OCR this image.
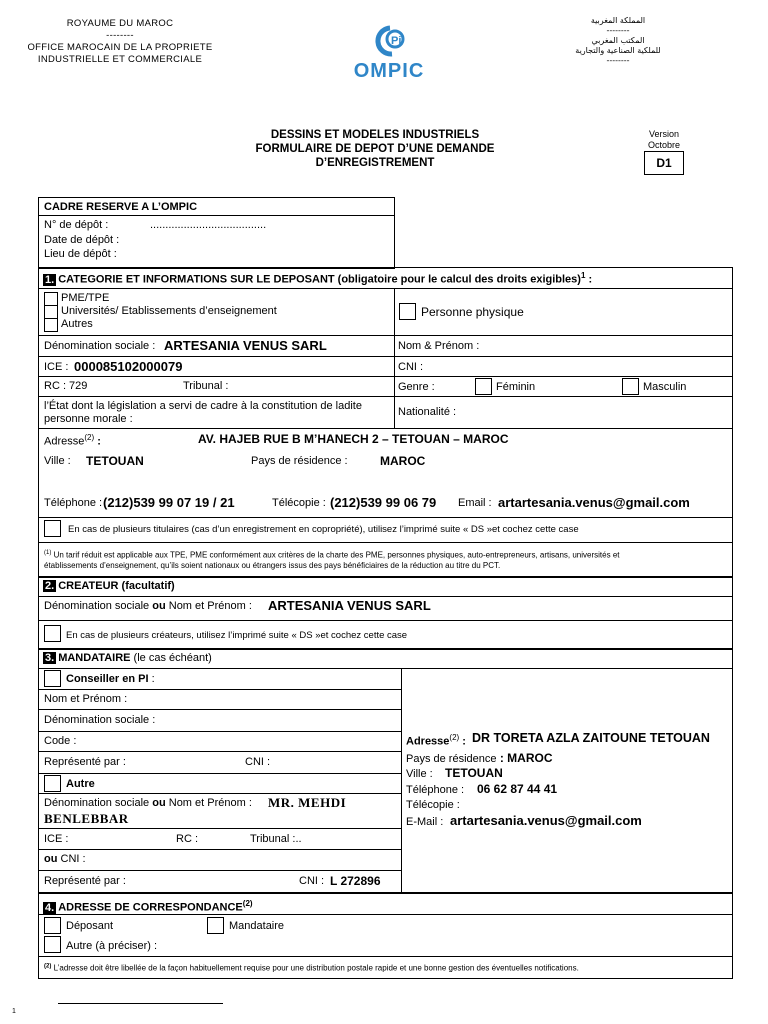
ROYAUME DU MAROC
--------
OFFICE MAROCAIN DE LA PROPRIETE
INDUSTRIELLE ET COMMERCIALE
Pi
OMPIC
المملكة المغربية
--------
المكتب المغربي
للملكية الصناعية والتجارية
--------
DESSINS ET MODELES INDUSTRIELS
FORMULAIRE DE DEPOT D’UNE DEMANDE
D’ENREGISTREMENT
Version
Octobre
D1
CADRE RESERVE A L’OMPIC
N° de dépôt :	......................................
Date de dépôt :
Lieu de dépôt :
1. CATEGORIE ET INFORMATIONS SUR LE DEPOSANT (obligatoire pour le calcul des droits exigibles)$^1$ :
PME/TPE
Universités/ Etablissements d’enseignement
Autres
Personne physique
Dénomination sociale : ARTESANIA VENUS SARL	Nom & Prénom :
ICE : 000085102000079	CNI :
RC : 729	Tribunal :	Genre :	Féminin	Masculin
l’État dont la législation a servi de cadre à la constitution de ladite
personne morale :
Nationalité :
Adresse$^{(2)}$ :	AV. HAJEB RUE B M’HANECH 2 – TETOUAN – MAROC
Ville : TETOUAN	Pays de résidence :	MAROC
Téléphone : (212)539 99 07 19 / 21	Télécopie : (212)539 99 06 79 Email : artartesania.venus@gmail.com
En cas de plusieurs titulaires (cas d’un enregistrement en copropriété), utilisez l’imprimé suite « DS »et cochez cette case
$^{(1)}$ Un tarif réduit est applicable aux TPE, PME conformément aux critères de la charte des PME, personnes physiques, auto-entrepreneurs, artisans, universités et
établissements d’enseignement, qu’ils soient nationaux ou étrangers issus des pays bénéficiaires de la réduction au titre du PCT.
2. CREATEUR (facultatif)
Dénomination sociale ou Nom et Prénom : ARTESANIA VENUS SARL
En cas de plusieurs créateurs, utilisez l’imprimé suite « DS »et cochez cette case
3. MANDATAIRE (le cas échéant)
Conseiller en PI :
Nom et Prénom :
Dénomination sociale :
Code :
Représenté par :	CNI :
Autre
Dénomination sociale ou Nom et Prénom : MR. MEHDI
BENLEBBAR
ICE :	RC :	Tribunal :..
ou CNI :
Représenté par :	CNI : L 272896
Adresse$^{(2)}$ : DR TORETA AZLA ZAITOUNE TETOUAN
Pays de résidence : MAROC
Ville : TETOUAN
Téléphone : 06 62 87 44 41
Télécopie :
E-Mail : artartesania.venus@gmail.com
4. ADRESSE DE CORRESPONDANCE$^{(2)}$
Déposant	Mandataire
Autre (à préciser) :
$^{(2)}$ L’adresse doit être libellée de la façon habituellement requise pour une distribution postale rapide et une bonne gestion des éventuelles notifications.
1
